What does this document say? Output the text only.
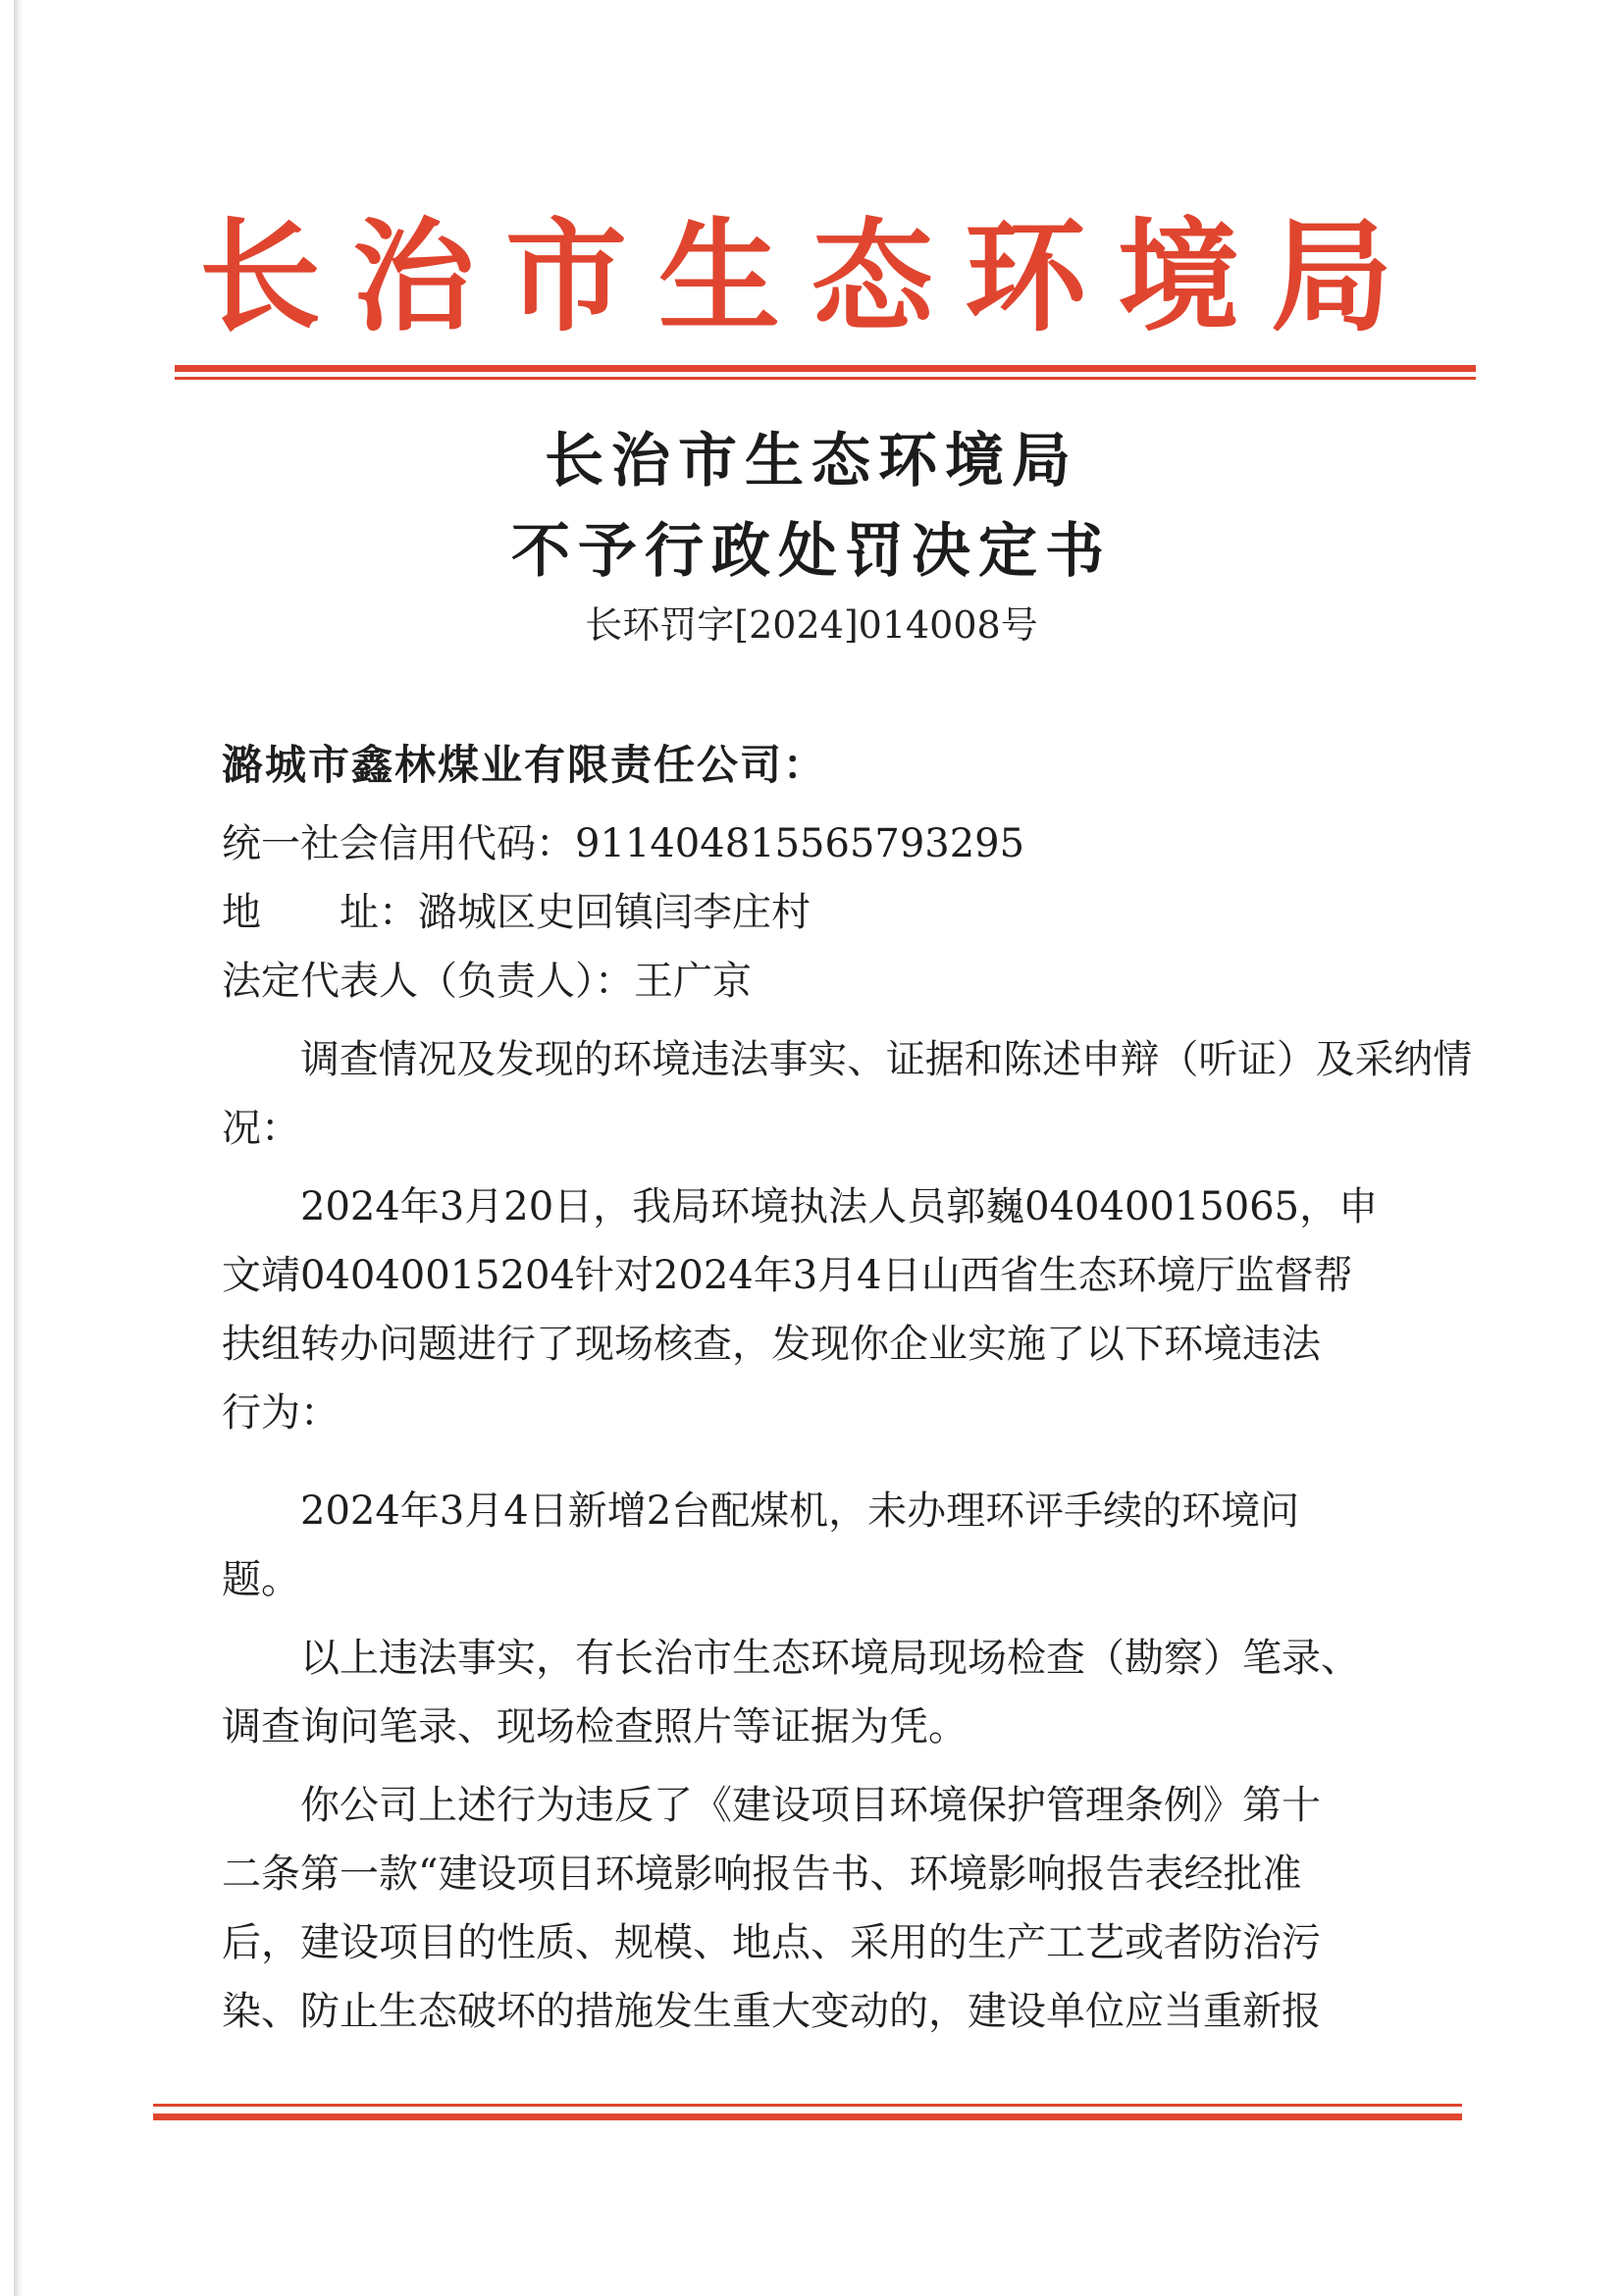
长治市生态环境局
长治市生态环境局
不予行政处罚决定书
长环罚字[2024]014008号
潞城市鑫林煤业有限责任公司：
统一社会信用代码：911404815565793295
地　　址：潞城区史回镇闫李庄村
法定代表人（负责人）：王广京
调查情况及发现的环境违法事实、证据和陈述申辩（听证）及采纳情
况：
2024年3月20日，我局环境执法人员郭巍04040015065，申
文靖04040015204针对2024年3月4日山西省生态环境厅监督帮
扶组转办问题进行了现场核查，发现你企业实施了以下环境违法
行为：
2024年3月4日新增2台配煤机，未办理环评手续的环境问
题。
以上违法事实，有长治市生态环境局现场检查（勘察）笔录、
调查询问笔录、现场检查照片等证据为凭。
你公司上述行为违反了《建设项目环境保护管理条例》第十
二条第一款“建设项目环境影响报告书、环境影响报告表经批准
后，建设项目的性质、规模、地点、采用的生产工艺或者防治污
染、防止生态破坏的措施发生重大变动的，建设单位应当重新报
